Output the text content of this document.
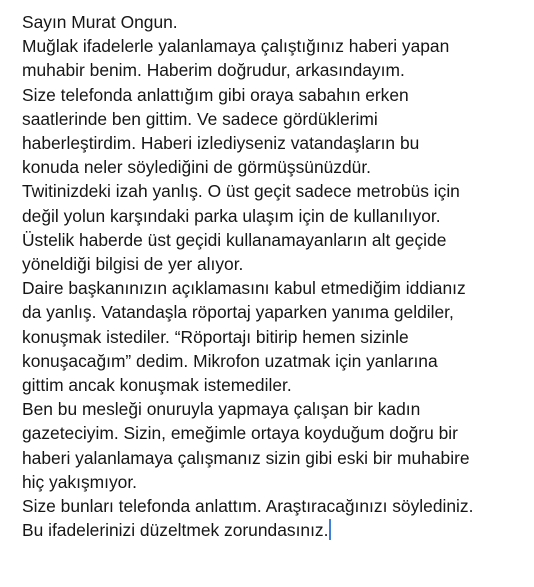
Sayın Murat Ongun.
Muğlak ifadelerle yalanlamaya çalıştığınız haberi yapan
muhabir benim. Haberim doğrudur, arkasındayım.
Size telefonda anlattığım gibi oraya sabahın erken
saatlerinde ben gittim. Ve sadece gördüklerimi
haberleştirdim. Haberi izlediyseniz vatandaşların bu
konuda neler söylediğini de görmüşsünüzdür.
Twitinizdeki izah yanlış. O üst geçit sadece metrobüs için
değil yolun karşındaki parka ulaşım için de kullanılıyor.
Üstelik haberde üst geçidi kullanamayanların alt geçide
yöneldiği bilgisi de yer alıyor.
Daire başkanınızın açıklamasını kabul etmediğim iddianız
da yanlış. Vatandaşla röportaj yaparken yanıma geldiler,
konuşmak istediler. “Röportajı bitirip hemen sizinle
konuşacağım” dedim. Mikrofon uzatmak için yanlarına
gittim ancak konuşmak istemediler.
Ben bu mesleği onuruyla yapmaya çalışan bir kadın
gazeteciyim. Sizin, emeğimle ortaya koyduğum doğru bir
haberi yalanlamaya çalışmanız sizin gibi eski bir muhabire
hiç yakışmıyor.
Size bunları telefonda anlattım. Araştıracağınızı söylediniz.
Bu ifadelerinizi düzeltmek zorundasınız.
